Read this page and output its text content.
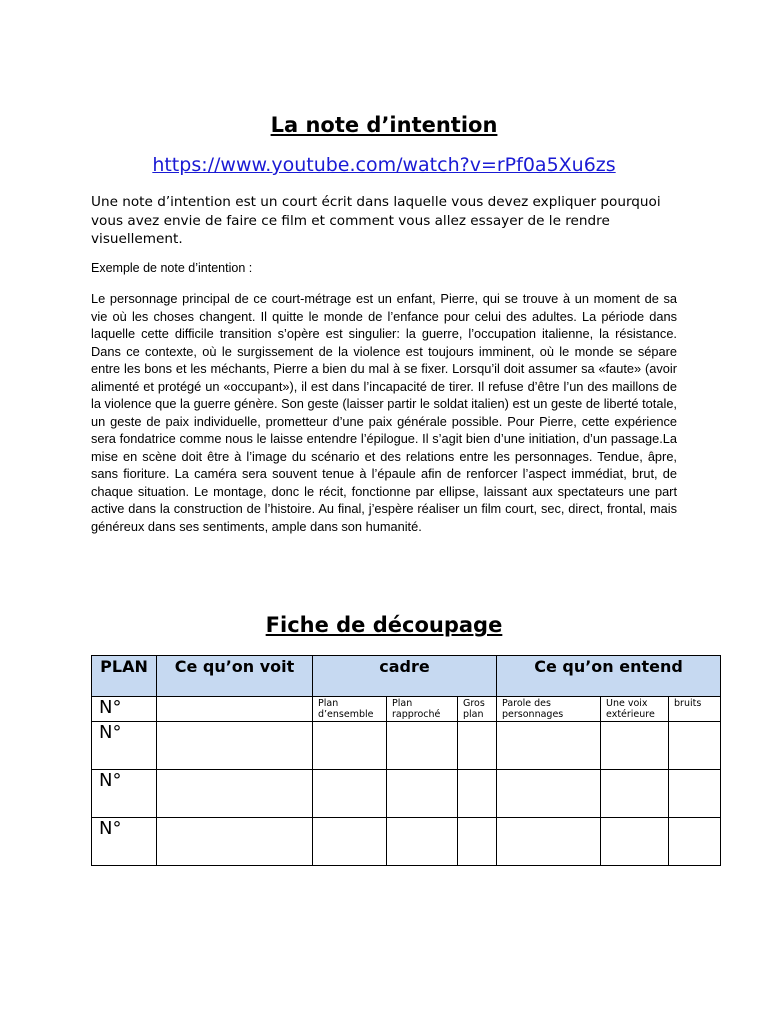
La note d’intention
https://www.youtube.com/watch?v=rPf0a5Xu6zs
Une note d’intention est un court écrit dans laquelle vous devez expliquer pourquoi vous avez envie de faire ce film et comment vous allez essayer de le rendre visuellement.
Exemple de note d’intention :
Le personnage principal de ce court-métrage est un enfant, Pierre, qui se trouve à un moment de sa vie où les choses changent. Il quitte le monde de l’enfance pour celui des adultes. La période dans laquelle cette difficile transition s’opère est singulier: la guerre, l’occupation italienne, la résistance. Dans ce contexte, où le surgissement de la violence est toujours imminent, où le monde se sépare entre les bons et les méchants, Pierre a bien du mal à se fixer. Lorsqu’il doit assumer sa «faute» (avoir alimenté et protégé un «occupant»), il est dans l’incapacité de tirer. Il refuse d’être l’un des maillons de la violence que la guerre génère. Son geste (laisser partir le soldat italien) est un geste de liberté totale, un geste de paix individuelle, prometteur d’une paix générale possible. Pour Pierre, cette expérience sera fondatrice comme nous le laisse entendre l’épilogue. Il s’agit bien d’une initiation, d’un passage.La mise en scène doit être à l’image du scénario et des relations entre les personnages. Tendue, âpre, sans fioriture. La caméra sera souvent tenue à l’épaule afin de renforcer l’aspect immédiat, brut, de chaque situation. Le montage, donc le récit, fonctionne par ellipse, laissant aux spectateurs une part active dans la construction de l’histoire. Au final, j’espère réaliser un film court, sec, direct, frontal, mais généreux dans ses sentiments, ample dans son humanité.
Fiche de découpage
PLAN	Ce qu’on voit	cadre			Ce qu’on entend		
N°		Plan d’ensemble	Plan rapproché	Gros plan	Parole des personnages	Une voix extérieure	bruits
N°							
N°							
N°							
